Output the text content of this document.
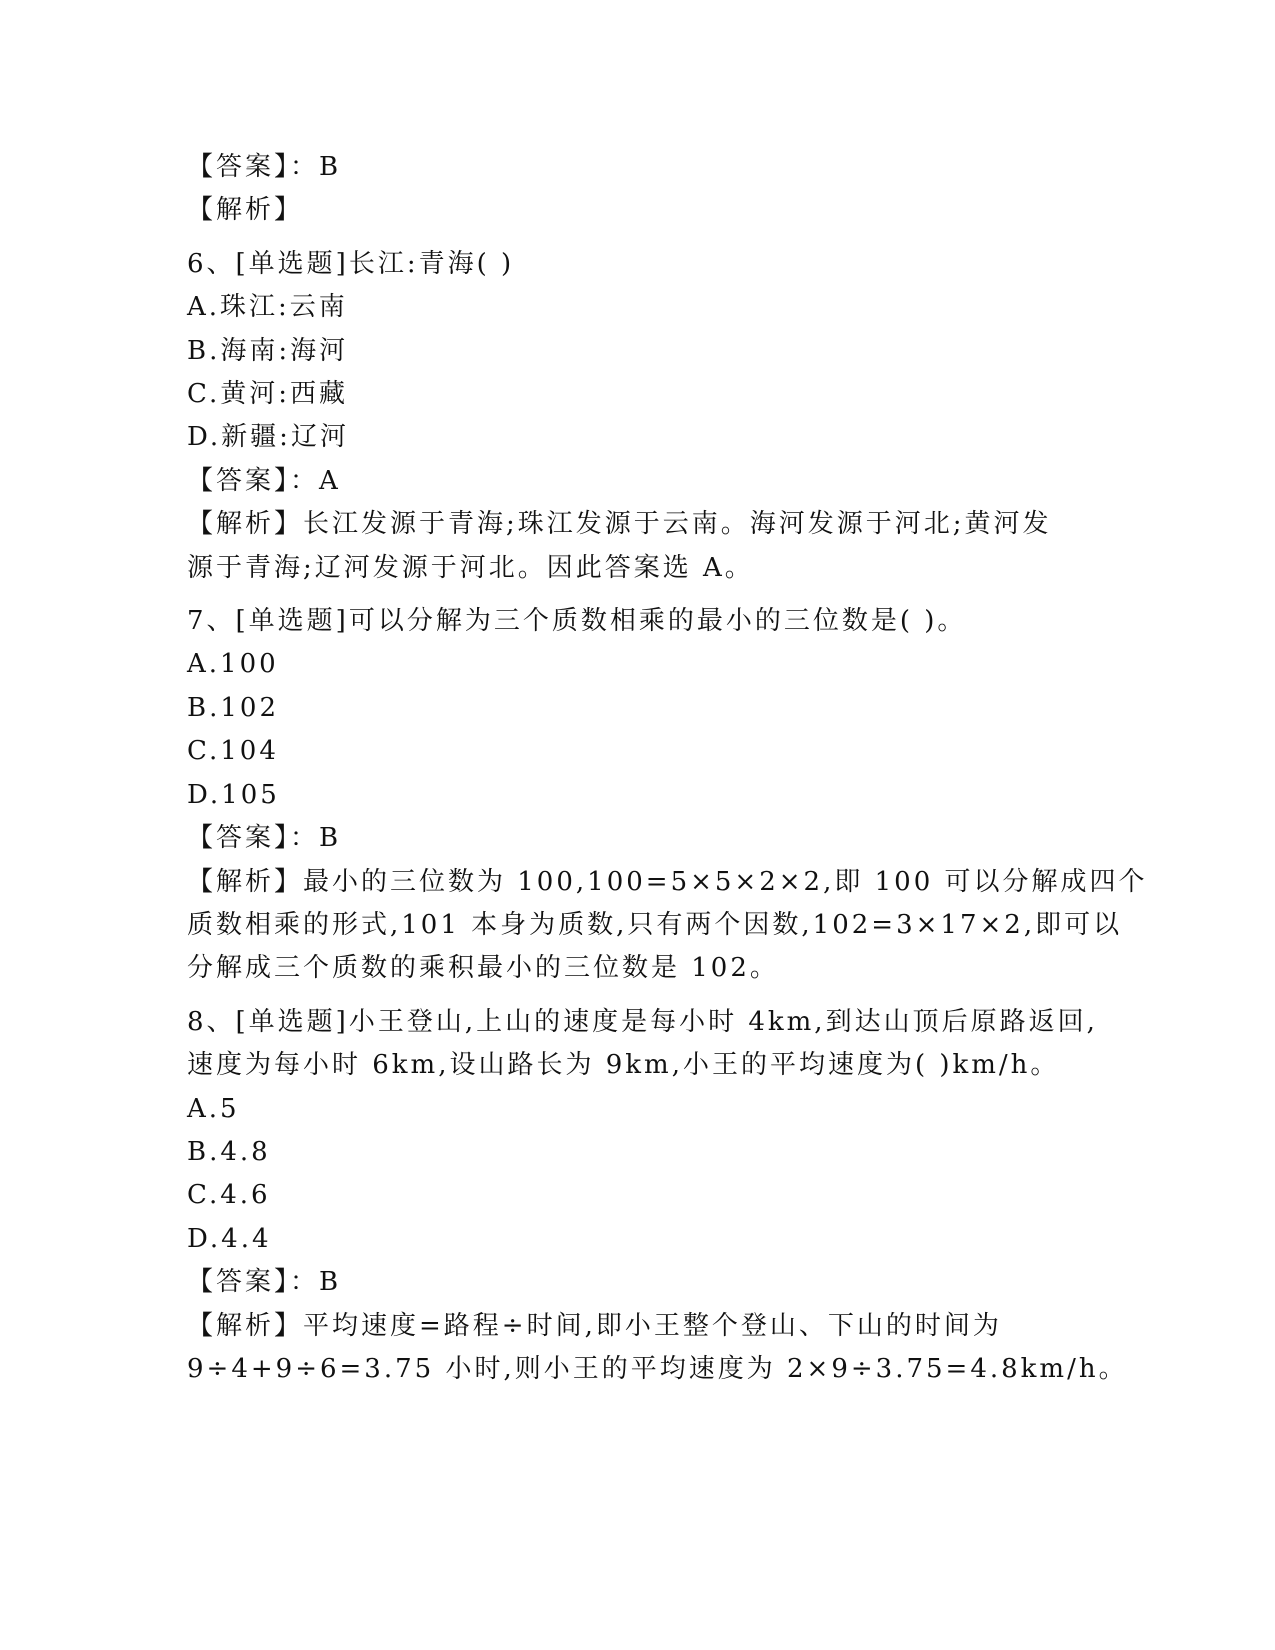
【答案】：B

【解析】

6、[单选题]长江:青海( )

A.珠江:云南

B.海南:海河

C.黄河:西藏

D.新疆:辽河

【答案】：A

【解析】长江发源于青海;珠江发源于云南。海河发源于河北;黄河发

源于青海;辽河发源于河北。因此答案选 A。

7、[单选题]可以分解为三个质数相乘的最小的三位数是( )。

A.100

B.102

C.104

D.105

【答案】：B

【解析】最小的三位数为 100,100=5×5×2×2,即 100 可以分解成四个

质数相乘的形式,101 本身为质数,只有两个因数,102=3×17×2,即可以

分解成三个质数的乘积最小的三位数是 102。

8、[单选题]小王登山,上山的速度是每小时 4km,到达山顶后原路返回,

速度为每小时 6km,设山路长为 9km,小王的平均速度为( )km/h。

A.5

B.4.8

C.4.6

D.4.4

【答案】：B

【解析】平均速度=路程÷时间,即小王整个登山、下山的时间为

9÷4+9÷6=3.75 小时,则小王的平均速度为 2×9÷3.75=4.8km/h。
